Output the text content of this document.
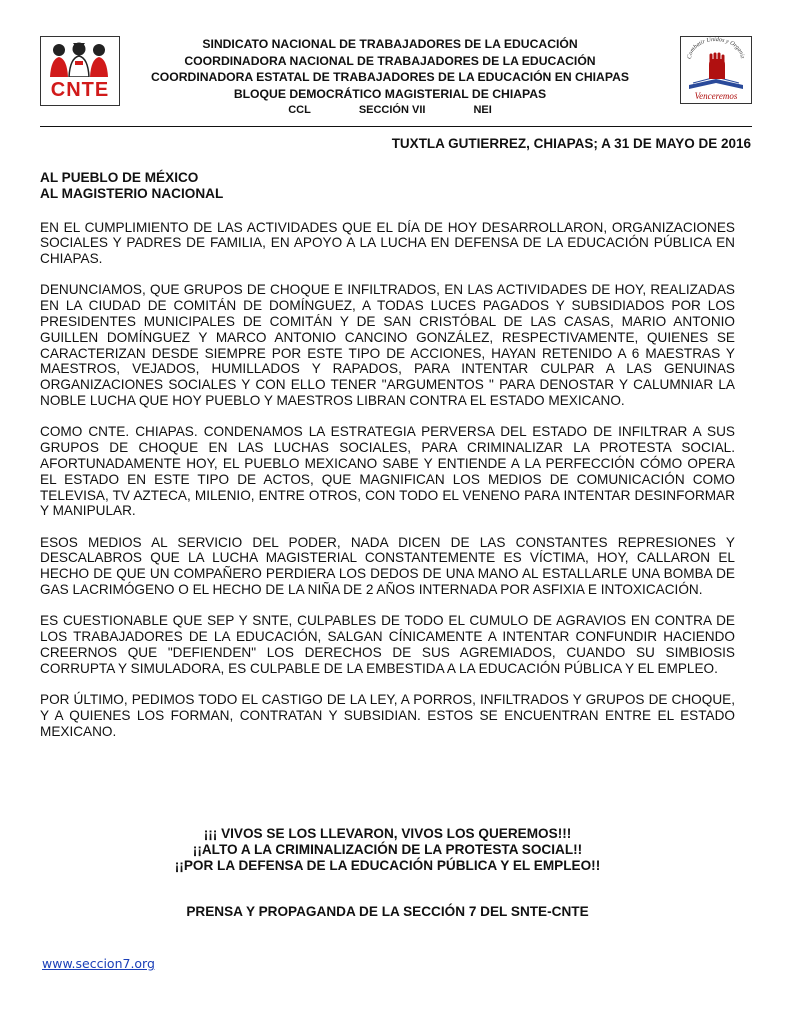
CNTE
SINDICATO NACIONAL DE TRABAJADORES DE LA EDUCACIÓN
COORDINADORA NACIONAL DE TRABAJADORES DE LA EDUCACIÓN
COORDINADORA ESTATAL DE TRABAJADORES DE LA EDUCACIÓN EN CHIAPAS
BLOQUE DEMOCRÁTICO MAGISTERIAL DE CHIAPAS
CCL	SECCIÓN VII	NEI
Combatir Unidos y Organiz
Venceremos
TUXTLA GUTIERREZ, CHIAPAS; A 31 DE MAYO DE 2016
AL PUEBLO DE MÉXICO
AL MAGISTERIO NACIONAL

EN EL CUMPLIMIENTO DE LAS ACTIVIDADES QUE EL DÍA DE HOY DESARROLLARON, ORGANIZACIONES SOCIALES Y PADRES DE FAMILIA, EN APOYO A LA LUCHA EN DEFENSA DE LA EDUCACIÓN PÚBLICA EN CHIAPAS.

DENUNCIAMOS, QUE GRUPOS DE CHOQUE E INFILTRADOS, EN LAS ACTIVIDADES DE HOY, REALIZADAS EN LA CIUDAD DE COMITÁN DE DOMÍNGUEZ, A TODAS LUCES PAGADOS Y SUBSIDIADOS POR LOS PRESIDENTES MUNICIPALES DE COMITÁN Y DE SAN CRISTÓBAL DE LAS CASAS, MARIO ANTONIO GUILLEN DOMÍNGUEZ Y MARCO ANTONIO CANCINO GONZÁLEZ, RESPECTIVAMENTE, QUIENES SE CARACTERIZAN DESDE SIEMPRE POR ESTE TIPO DE ACCIONES, HAYAN RETENIDO A 6 MAESTRAS Y MAESTROS, VEJADOS, HUMILLADOS Y RAPADOS, PARA INTENTAR CULPAR A LAS GENUINAS ORGANIZACIONES SOCIALES Y CON ELLO TENER "ARGUMENTOS " PARA DENOSTAR Y CALUMNIAR LA NOBLE LUCHA QUE HOY PUEBLO Y MAESTROS LIBRAN CONTRA EL ESTADO MEXICANO.

COMO CNTE. CHIAPAS. CONDENAMOS LA ESTRATEGIA PERVERSA DEL ESTADO DE INFILTRAR A SUS GRUPOS DE CHOQUE EN LAS LUCHAS SOCIALES, PARA CRIMINALIZAR LA PROTESTA SOCIAL. AFORTUNADAMENTE HOY, EL PUEBLO MEXICANO SABE Y ENTIENDE A LA PERFECCIÓN CÓMO OPERA EL ESTADO EN ESTE TIPO DE ACTOS, QUE MAGNIFICAN LOS MEDIOS DE COMUNICACIÓN COMO TELEVISA, TV AZTECA, MILENIO, ENTRE OTROS, CON TODO EL VENENO PARA INTENTAR DESINFORMAR Y MANIPULAR.

ESOS MEDIOS AL SERVICIO DEL PODER, NADA DICEN DE LAS CONSTANTES REPRESIONES Y DESCALABROS QUE LA LUCHA MAGISTERIAL CONSTANTEMENTE ES VÍCTIMA, HOY, CALLARON EL HECHO DE QUE UN COMPAÑERO PERDIERA LOS DEDOS DE UNA MANO AL ESTALLARLE UNA BOMBA DE GAS LACRIMÓGENO O EL HECHO DE LA NIÑA DE 2 AÑOS INTERNADA POR ASFIXIA E INTOXICACIÓN.

ES CUESTIONABLE QUE SEP Y SNTE, CULPABLES DE TODO EL CUMULO DE AGRAVIOS EN CONTRA DE LOS TRABAJADORES DE LA EDUCACIÓN, SALGAN CÍNICAMENTE A INTENTAR CONFUNDIR HACIENDO CREERNOS QUE "DEFIENDEN" LOS DERECHOS DE SUS AGREMIADOS, CUANDO SU SIMBIOSIS CORRUPTA Y SIMULADORA, ES CULPABLE DE LA EMBESTIDA A LA EDUCACIÓN PÚBLICA Y EL EMPLEO.

POR ÚLTIMO, PEDIMOS TODO EL CASTIGO DE LA LEY, A PORROS, INFILTRADOS Y GRUPOS DE CHOQUE, Y A QUIENES LOS FORMAN, CONTRATAN Y SUBSIDIAN. ESTOS SE ENCUENTRAN ENTRE EL ESTADO MEXICANO.

¡¡¡ VIVOS SE LOS LLEVARON, VIVOS LOS QUEREMOS!!!
¡¡ALTO A LA CRIMINALIZACIÓN DE LA PROTESTA SOCIAL!!
¡¡POR LA DEFENSA DE LA EDUCACIÓN PÚBLICA Y EL EMPLEO!!
PRENSA Y PROPAGANDA DE LA SECCIÓN 7 DEL SNTE-CNTE
www.seccion7.org
